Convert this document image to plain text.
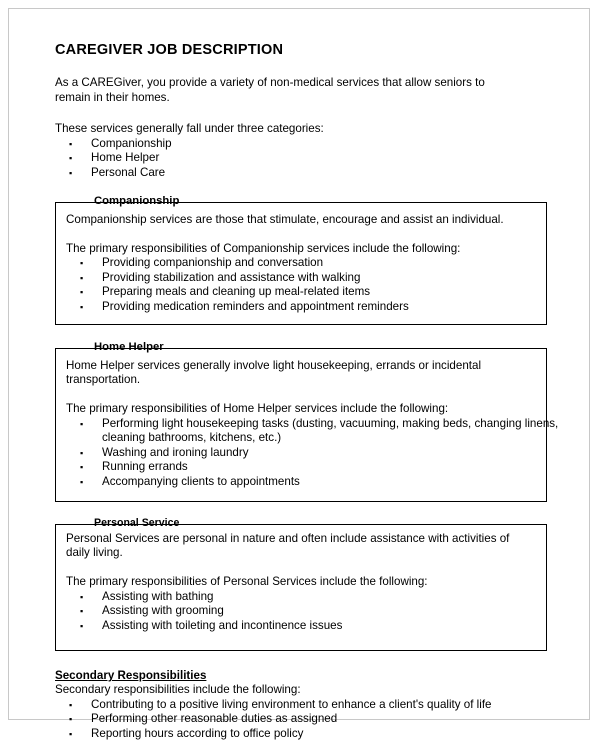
CAREGIVER JOB DESCRIPTION

As a CAREGiver, you provide a variety of non-medical services that allow seniors to remain in their homes.

These services generally fall under three categories:

▪ Companionship
▪ Home Helper
▪ Personal Care
Companionship

Companionship services are those that stimulate, encourage and assist an individual.

The primary responsibilities of Companionship services include the following:

▪ Providing companionship and conversation
▪ Providing stabilization and assistance with walking
▪ Preparing meals and cleaning up meal-related items
▪ Providing medication reminders and appointment reminders
Home Helper

Home Helper services generally involve light housekeeping, errands or incidental transportation.

The primary responsibilities of Home Helper services include the following:

▪ Performing light housekeeping tasks (dusting, vacuuming, making beds, changing linens, cleaning bathrooms, kitchens, etc.)
▪ Washing and ironing laundry
▪ Running errands
▪ Accompanying clients to appointments
Personal Service

Personal Services are personal in nature and often include assistance with activities of daily living.

The primary responsibilities of Personal Services include the following:

▪ Assisting with bathing
▪ Assisting with grooming
▪ Assisting with toileting and incontinence issues

Secondary Responsibilities

Secondary responsibilities include the following:

▪ Contributing to a positive living environment to enhance a client's quality of life
▪ Performing other reasonable duties as assigned
▪ Reporting hours according to office policy
